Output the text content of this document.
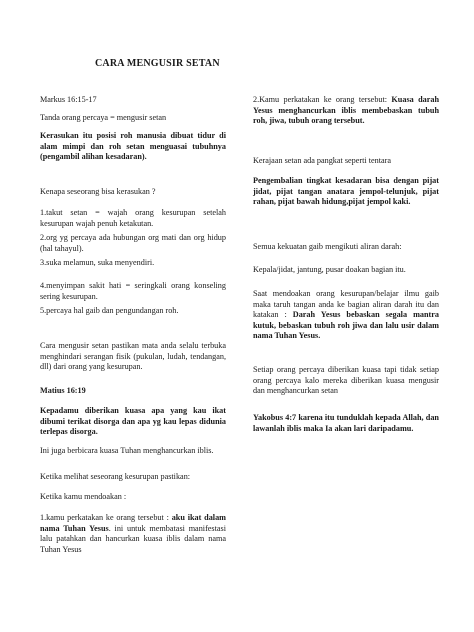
CARA MENGUSIR SETAN

Markus 16:15-17

Tanda orang percaya = mengusir setan

Kerasukan itu posisi roh manusia dibuat tidur di alam mimpi dan roh setan menguasai tubuhnya (pengambil alihan kesadaran).

Kenapa seseorang bisa kerasukan ?

1.takut setan = wajah orang kesurupan setelah kesurupan wajah penuh ketakutan.

2.org yg percaya ada hubungan org mati dan org hidup (hal tahayul).

3.suka melamun, suka menyendiri.

4.menyimpan sakit hati = seringkali orang konseling sering kesurupan.

5.percaya hal gaib dan pengundangan roh.

Cara mengusir setan pastikan mata anda selalu terbuka menghindari serangan fisik (pukulan, ludah, tendangan, dll) dari orang yang kesurupan.

Matius 16:19

Kepadamu diberikan kuasa apa yang kau ikat dibumi terikat disorga dan apa yg kau lepas didunia terlepas disorga.

Ini juga berbicara kuasa Tuhan menghancurkan iblis.

Ketika melihat seseorang kesurupan pastikan:

Ketika kamu mendoakan :

1.kamu perkatakan ke orang tersebut : aku ikat dalam nama Tuhan Yesus. ini untuk membatasi manifestasi lalu patahkan dan hancurkan kuasa iblis dalam nama Tuhan Yesus

2.Kamu perkatakan ke orang tersebut: Kuasa darah Yesus menghancurkan iblis membebaskan tubuh roh, jiwa, tubuh orang tersebut.

Kerajaan setan ada pangkat seperti tentara

Pengembalian tingkat kesadaran bisa dengan pijat jidat, pijat tangan anatara jempol-telunjuk, pijat rahan, pijat bawah hidung,pijat jempol kaki.

Semua kekuatan gaib mengikuti aliran darah:

Kepala/jidat, jantung, pusar doakan bagian itu.

Saat mendoakan orang kesurupan/belajar ilmu gaib maka taruh tangan anda ke bagian aliran darah itu dan katakan : Darah Yesus bebaskan segala mantra kutuk, bebaskan tubuh roh jiwa dan lalu usir dalam nama Tuhan Yesus.

Setiap orang percaya diberikan kuasa tapi tidak setiap orang percaya kalo mereka diberikan kuasa mengusir dan menghancurkan setan

Yakobus 4:7 karena itu tunduklah kepada Allah, dan lawanlah iblis maka Ia akan lari daripadamu.
